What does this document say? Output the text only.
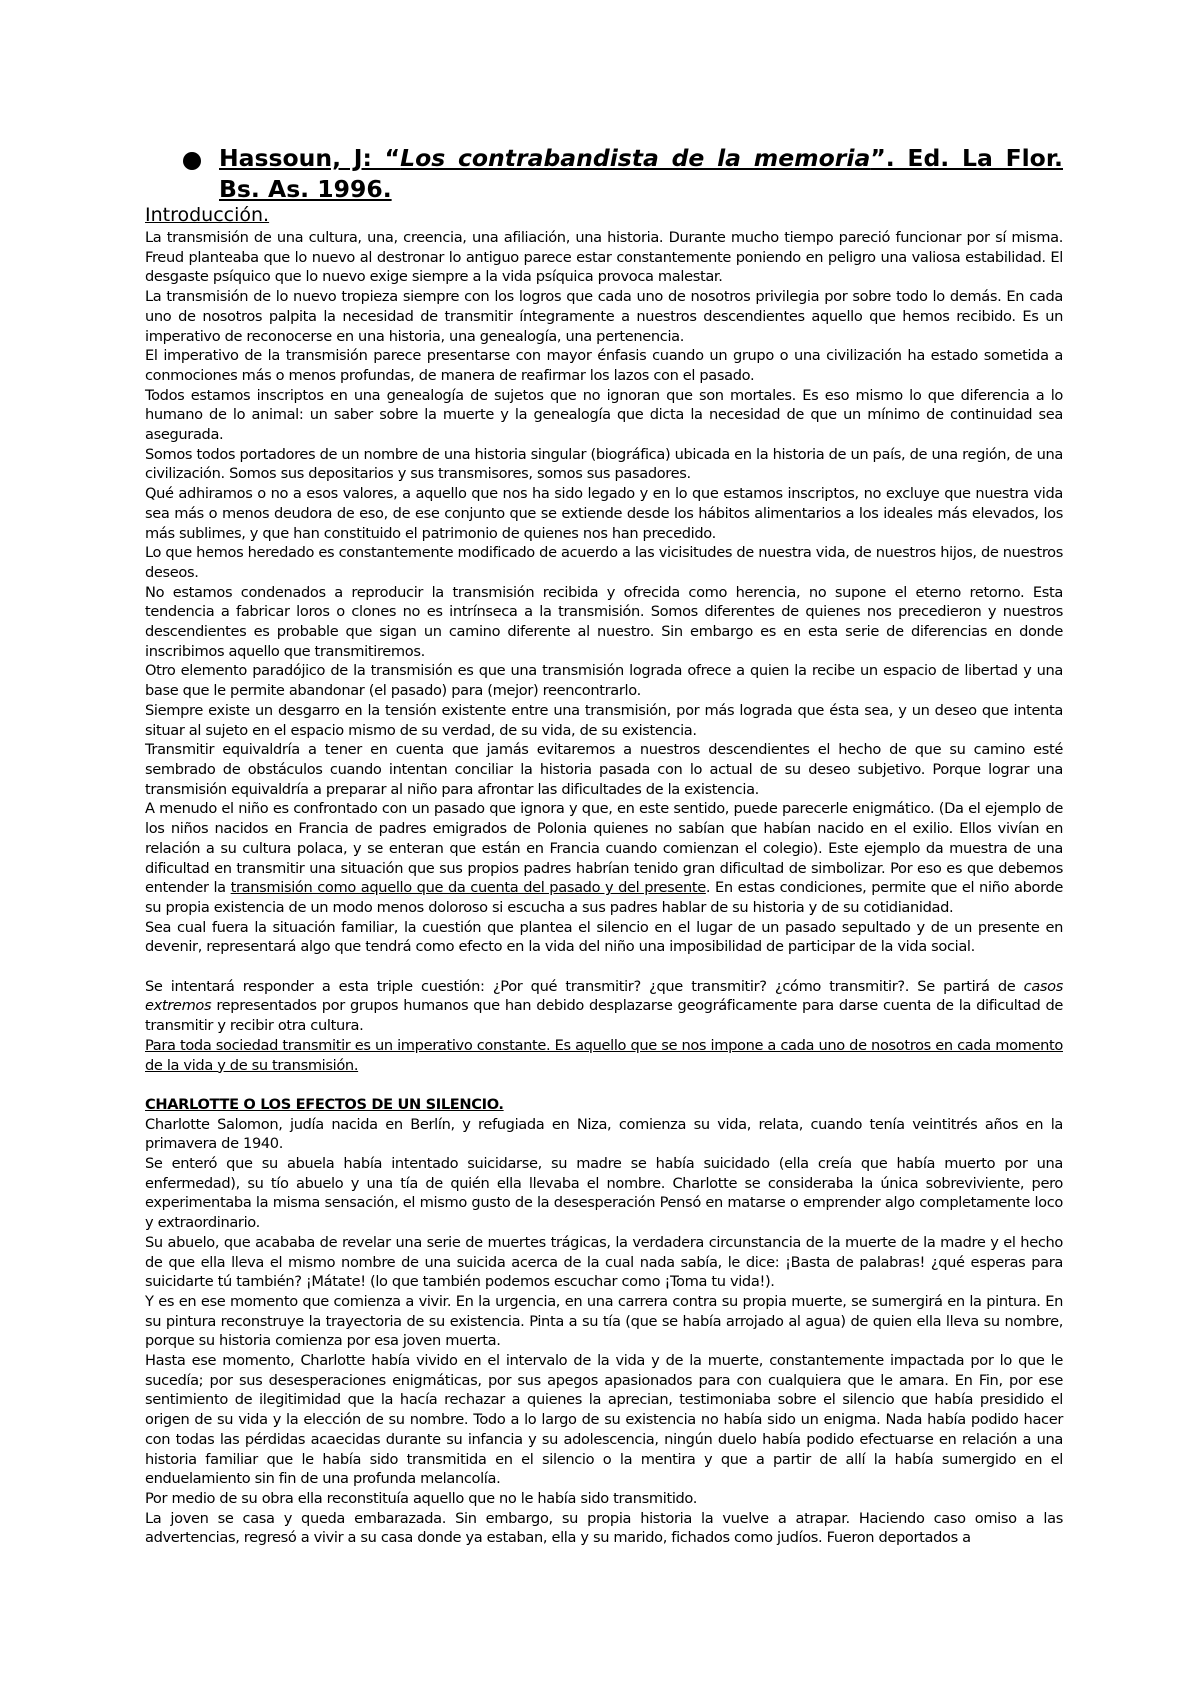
Hassoun, J: “Los contrabandista de la memoria”. Ed. La Flor. Bs. As. 1996.
Introducción.

La transmisión de una cultura, una, creencia, una afiliación, una historia. Durante mucho tiempo pareció funcionar por sí misma. Freud planteaba que lo nuevo al destronar lo antiguo parece estar constantemente poniendo en peligro una valiosa estabilidad. El desgaste psíquico que lo nuevo exige siempre a la vida psíquica provoca malestar.

La transmisión de lo nuevo tropieza siempre con los logros que cada uno de nosotros privilegia por sobre todo lo demás. En cada uno de nosotros palpita la necesidad de transmitir íntegramente a nuestros descendientes aquello que hemos recibido. Es un imperativo de reconocerse en una historia, una genealogía, una pertenencia.

El imperativo de la transmisión parece presentarse con mayor énfasis cuando un grupo o una civilización ha estado sometida a conmociones más o menos profundas, de manera de reafirmar los lazos con el pasado.

Todos estamos inscriptos en una genealogía de sujetos que no ignoran que son mortales. Es eso mismo lo que diferencia a lo humano de lo animal: un saber sobre la muerte y la genealogía que dicta la necesidad de que un mínimo de continuidad sea asegurada.

Somos todos portadores de un nombre de una historia singular (biográfica) ubicada en la historia de un país, de una región, de una civilización. Somos sus depositarios y sus transmisores, somos sus pasadores.

Qué adhiramos o no a esos valores, a aquello que nos ha sido legado y en lo que estamos inscriptos, no excluye que nuestra vida sea más o menos deudora de eso, de ese conjunto que se extiende desde los hábitos alimentarios a los ideales más elevados, los más sublimes, y que han constituido el patrimonio de quienes nos han precedido.

Lo que hemos heredado es constantemente modificado de acuerdo a las vicisitudes de nuestra vida, de nuestros hijos, de nuestros deseos.

No estamos condenados a reproducir la transmisión recibida y ofrecida como herencia, no supone el eterno retorno. Esta tendencia a fabricar loros o clones no es intrínseca a la transmisión. Somos diferentes de quienes nos precedieron y nuestros descendientes es probable que sigan un camino diferente al nuestro. Sin embargo es en esta serie de diferencias en donde inscribimos aquello que transmitiremos.

Otro elemento paradójico de la transmisión es que una transmisión lograda ofrece a quien la recibe un espacio de libertad y una base que le permite abandonar (el pasado) para (mejor) reencontrarlo.

Siempre existe un desgarro en la tensión existente entre una transmisión, por más lograda que ésta sea, y un deseo que intenta situar al sujeto en el espacio mismo de su verdad, de su vida, de su existencia.

Transmitir equivaldría a tener en cuenta que jamás evitaremos a nuestros descendientes el hecho de que su camino esté sembrado de obstáculos cuando intentan conciliar la historia pasada con lo actual de su deseo subjetivo. Porque lograr una transmisión equivaldría a preparar al niño para afrontar las dificultades de la existencia.

A menudo el niño es confrontado con un pasado que ignora y que, en este sentido, puede parecerle enigmático. (Da el ejemplo de los niños nacidos en Francia de padres emigrados de Polonia quienes no sabían que habían nacido en el exilio. Ellos vivían en relación a su cultura polaca, y se enteran que están en Francia cuando comienzan el colegio). Este ejemplo da muestra de una dificultad en transmitir una situación que sus propios padres habrían tenido gran dificultad de simbolizar. Por eso es que debemos entender la transmisión como aquello que da cuenta del pasado y del presente. En estas condiciones, permite que el niño aborde su propia existencia de un modo menos doloroso si escucha a sus padres hablar de su historia y de su cotidianidad.

Sea cual fuera la situación familiar, la cuestión que plantea el silencio en el lugar de un pasado sepultado y de un presente en devenir, representará algo que tendrá como efecto en la vida del niño una imposibilidad de participar de la vida social.

Se intentará responder a esta triple cuestión: ¿Por qué transmitir? ¿que transmitir? ¿cómo transmitir?. Se partirá de casos extremos representados por grupos humanos que han debido desplazarse geográficamente para darse cuenta de la dificultad de transmitir y recibir otra cultura.

Para toda sociedad transmitir es un imperativo constante. Es aquello que se nos impone a cada uno de nosotros en cada momento de la vida y de su transmisión.

CHARLOTTE O LOS EFECTOS DE UN SILENCIO.

Charlotte Salomon, judía nacida en Berlín, y refugiada en Niza, comienza su vida, relata, cuando tenía veintitrés años en la primavera de 1940.

Se enteró que su abuela había intentado suicidarse, su madre se había suicidado (ella creía que había muerto por una enfermedad), su tío abuelo y una tía de quién ella llevaba el nombre. Charlotte se consideraba la única sobreviviente, pero experimentaba la misma sensación, el mismo gusto de la desesperación Pensó en matarse o emprender algo completamente loco y extraordinario.

Su abuelo, que acababa de revelar una serie de muertes trágicas, la verdadera circunstancia de la muerte de la madre y el hecho de que ella lleva el mismo nombre de una suicida acerca de la cual nada sabía, le dice: ¡Basta de palabras! ¿qué esperas para suicidarte tú también? ¡Mátate! (lo que también podemos escuchar como ¡Toma tu vida!).

Y es en ese momento que comienza a vivir. En la urgencia, en una carrera contra su propia muerte, se sumergirá en la pintura. En su pintura reconstruye la trayectoria de su existencia. Pinta a su tía (que se había arrojado al agua) de quien ella lleva su nombre, porque su historia comienza por esa joven muerta.

Hasta ese momento, Charlotte había vivido en el intervalo de la vida y de la muerte, constantemente impactada por lo que le sucedía; por sus desesperaciones enigmáticas, por sus apegos apasionados para con cualquiera que le amara. En Fin, por ese sentimiento de ilegitimidad que la hacía rechazar a quienes la aprecian, testimoniaba sobre el silencio que había presidido el origen de su vida y la elección de su nombre. Todo a lo largo de su existencia no había sido un enigma. Nada había podido hacer con todas las pérdidas acaecidas durante su infancia y su adolescencia, ningún duelo había podido efectuarse en relación a una historia familiar que le había sido transmitida en el silencio o la mentira y que a partir de allí la había sumergido en el enduelamiento sin fin de una profunda melancolía.

Por medio de su obra ella reconstituía aquello que no le había sido transmitido.

La joven se casa y queda embarazada. Sin embargo, su propia historia la vuelve a atrapar. Haciendo caso omiso a las advertencias, regresó a vivir a su casa donde ya estaban, ella y su marido, fichados como judíos. Fueron deportados a
